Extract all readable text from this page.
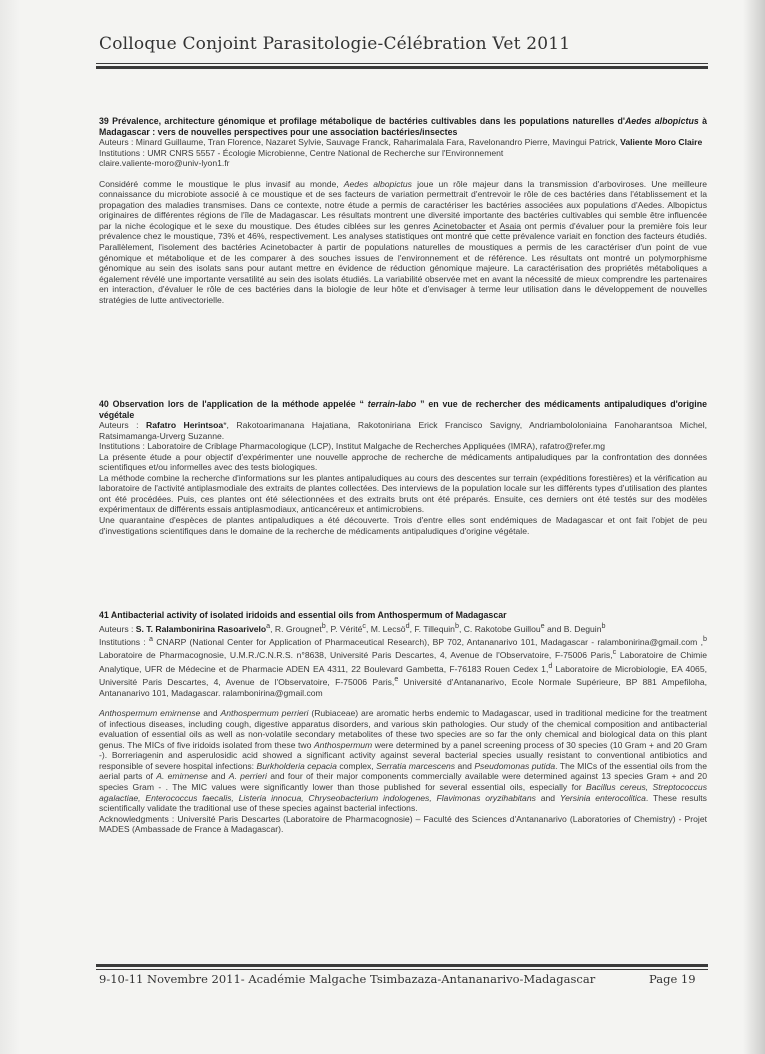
Colloque Conjoint Parasitologie-Célébration Vet 2011

39 Prévalence, architecture génomique et profilage métabolique de bactéries cultivables dans les populations naturelles d'Aedes albopictus à Madagascar : vers de nouvelles perspectives pour une association bactéries/insectes

Auteurs : Minard Guillaume, Tran Florence, Nazaret Sylvie, Sauvage Franck, Raharimalala Fara, Ravelonandro Pierre, Mavingui Patrick, Valiente Moro Claire

Institutions : UMR CNRS 5557 - Écologie Microbienne, Centre National de Recherche sur l'Environnement

claire.valiente-moro@univ-lyon1.fr

Considéré comme le moustique le plus invasif au monde, Aedes albopictus joue un rôle majeur dans la transmission d'arboviroses. Une meilleure connaissance du microbiote associé à ce moustique et de ses facteurs de variation permettrait d'entrevoir le rôle de ces bactéries dans l'établissement et la propagation des maladies transmises. Dans ce contexte, notre étude a permis de caractériser les bactéries associées aux populations d'Aedes. Albopictus originaires de différentes régions de l'île de Madagascar. Les résultats montrent une diversité importante des bactéries cultivables qui semble être influencée par la niche écologique et le sexe du moustique. Des études ciblées sur les genres Acinetobacter et Asaia ont permis d'évaluer pour la première fois leur prévalence chez le moustique, 73% et 46%, respectivement. Les analyses statistiques ont montré que cette prévalence variait en fonction des facteurs étudiés. Parallèlement, l'isolement des bactéries Acinetobacter à partir de populations naturelles de moustiques a permis de les caractériser d'un point de vue génomique et métabolique et de les comparer à des souches issues de l'environnement et de référence. Les résultats ont montré un polymorphisme génomique au sein des isolats sans pour autant mettre en évidence de réduction génomique majeure. La caractérisation des propriétés métaboliques a également révélé une importante versatilité au sein des isolats étudiés. La variabilité observée met en avant la nécessité de mieux comprendre les partenaires en interaction, d'évaluer le rôle de ces bactéries dans la biologie de leur hôte et d'envisager à terme leur utilisation dans le développement de nouvelles stratégies de lutte antivectorielle.

40 Observation lors de l'application de la méthode appelée “ terrain-labo ” en vue de rechercher des médicaments antipaludiques d'origine végétale

Auteurs : Rafatro Herintsoa*, Rakotoarimanana Hajatiana, Rakotoniriana Erick Francisco Savigny, Andriambololoniaina Fanoharantsoa Michel, Ratsimamanga-Urverg Suzanne.

Institutions : Laboratoire de Criblage Pharmacologique (LCP), Institut Malgache de Recherches Appliquées (IMRA), rafatro@refer.mg

La présente étude a pour objectif d'expérimenter une nouvelle approche de recherche de médicaments antipaludiques par la confrontation des données scientifiques et/ou informelles avec des tests biologiques.

La méthode combine la recherche d'informations sur les plantes antipaludiques au cours des descentes sur terrain (expéditions forestières) et la vérification au laboratoire de l'activité antiplasmodiale des extraits de plantes collectées. Des interviews de la population locale sur les différents types d'utilisation des plantes ont été procédées. Puis, ces plantes ont été sélectionnées et des extraits bruts ont été préparés. Ensuite, ces derniers ont été testés sur des modèles expérimentaux de différents essais antiplasmodiaux, anticancéreux et antimicrobiens.

Une quarantaine d'espèces de plantes antipaludiques a été découverte. Trois d'entre elles sont endémiques de Madagascar et ont fait l'objet de peu d'investigations scientifiques dans le domaine de la recherche de médicaments antipaludiques d'origine végétale.

41 Antibacterial activity of isolated iridoids and essential oils from Anthospermum of Madagascar

Auteurs : S. T. Ralambonirina Rasoarivelo$^a$, R. Grougnet$^b$, P. Vérité$^c$, M. Lecsö$^d$, F. Tillequin$^b$, C. Rakotobe Guillou$^e$ and B. Deguin$^b$

Institutions : $^a$ CNARP (National Center for Application of Pharmaceutical Research), BP 702, Antananarivo 101, Madagascar - ralambonirina@gmail.com ,$^b$ Laboratoire de Pharmacognosie, U.M.R./C.N.R.S. n°8638, Université Paris Descartes, 4, Avenue de l'Observatoire, F-75006 Paris,$^c$ Laboratoire de Chimie Analytique, UFR de Médecine et de Pharmacie ADEN EA 4311, 22 Boulevard Gambetta, F-76183 Rouen Cedex 1,$^d$ Laboratoire de Microbiologie, EA 4065, Université Paris Descartes, 4, Avenue de l'Observatoire, F-75006 Paris,$^e$ Université d'Antananarivo, Ecole Normale Supérieure, BP 881 Ampefiloha, Antananarivo 101, Madagascar. ralambonirina@gmail.com

Anthospermum emirnense and Anthospermum perrieri (Rubiaceae) are aromatic herbs endemic to Madagascar, used in traditional medicine for the treatment of infectious diseases, including cough, digestive apparatus disorders, and various skin pathologies. Our study of the chemical composition and antibacterial evaluation of essential oils as well as non-volatile secondary metabolites of these two species are so far the only chemical and biological data on this plant genus. The MICs of five iridoids isolated from these two Anthospermum were determined by a panel screening process of 30 species (10 Gram + and 20 Gram -). Borreriagenin and asperulosidic acid showed a significant activity against several bacterial species usually resistant to conventional antibiotics and responsible of severe hospital infections: Burkholderia cepacia complex, Serratia marcescens and Pseudomonas putida. The MICs of the essential oils from the aerial parts of A. emirnense and A. perrieri and four of their major components commercially available were determined against 13 species Gram + and 20 species Gram - . The MIC values were significantly lower than those published for several essential oils, especially for Bacillus cereus, Streptococcus agalactiae, Enterococcus faecalis, Listeria innocua, Chryseobacterium indologenes, Flavimonas oryzihabitans and Yersinia enterocolitica. These results scientifically validate the traditional use of these species against bacterial infections.

Acknowledgments : Université Paris Descartes (Laboratoire de Pharmacognosie) – Faculté des Sciences d'Antananarivo (Laboratories of Chemistry) - Projet MADES (Ambassade de France à Madagascar).

9-10-11 Novembre 2011- Académie Malgache Tsimbazaza-Antananarivo-Madagascar	Page 19
